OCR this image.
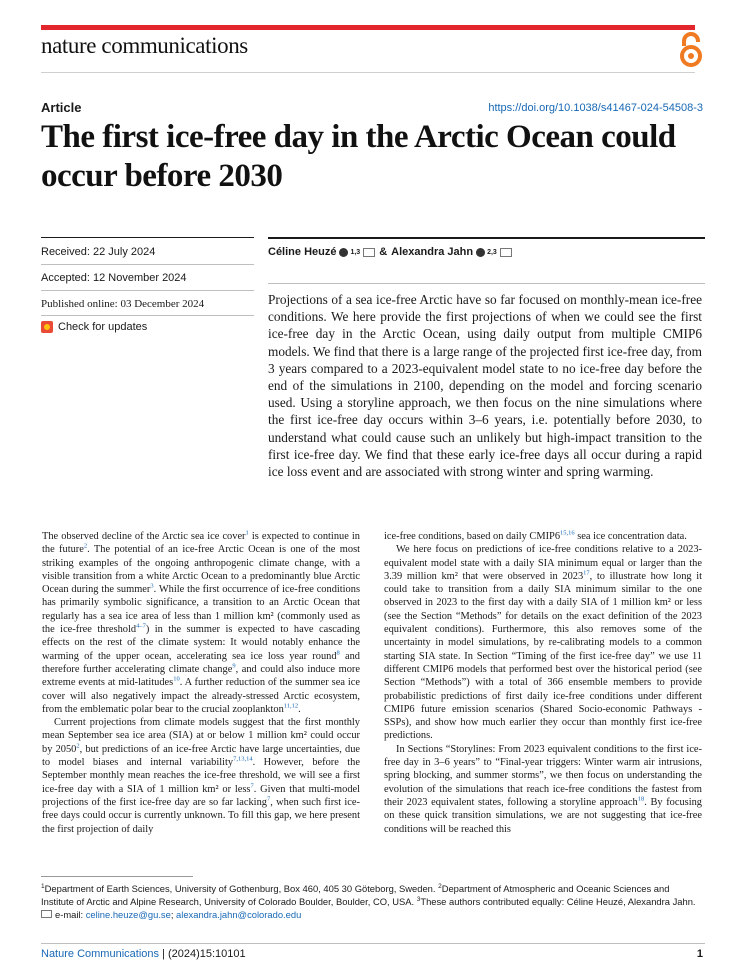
nature communications
Article	https://doi.org/10.1038/s41467-024-54508-3
The first ice-free day in the Arctic Ocean could occur before 2030
Received: 22 July 2024
Accepted: 12 November 2024
Published online: 03 December 2024
Check for updates
Céline Heuzé 1,3 & Alexandra Jahn 2,3

Projections of a sea ice-free Arctic have so far focused on monthly-mean ice-free conditions. We here provide the first projections of when we could see the first ice-free day in the Arctic Ocean, using daily output from multiple CMIP6 models. We find that there is a large range of the projected first ice-free day, from 3 years compared to a 2023-equivalent model state to no ice-free day before the end of the simulations in 2100, depending on the model and forcing scenario used. Using a storyline approach, we then focus on the nine simulations where the first ice-free day occurs within 3–6 years, i.e. potentially before 2030, to understand what could cause such an unlikely but high-impact transition to the first ice-free day. We find that these early ice-free days all occur during a rapid ice loss event and are associated with strong winter and spring warming.

The observed decline of the Arctic sea ice cover$^1$ is expected to continue in the future$^2$. The potential of an ice-free Arctic Ocean is one of the most striking examples of the ongoing anthropogenic climate change, with a visible transition from a white Arctic Ocean to a predominantly blue Arctic Ocean during the summer$^3$. While the first occurrence of ice-free conditions has primarily symbolic significance, a transition to an Arctic Ocean that regularly has a sea ice area of less than 1 million km² (commonly used as the ice-free threshold$^{4-7}$) in the summer is expected to have cascading effects on the rest of the climate system: It would notably enhance the warming of the upper ocean, accelerating sea ice loss year round$^8$ and therefore further accelerating climate change$^9$, and could also induce more extreme events at mid-latitudes$^{10}$. A further reduction of the summer sea ice cover will also negatively impact the already-stressed Arctic ecosystem, from the emblematic polar bear to the crucial zooplankton$^{11,12}$.

Current projections from climate models suggest that the first monthly mean September sea ice area (SIA) at or below 1 million km² could occur by 2050$^2$, but predictions of an ice-free Arctic have large uncertainties, due to model biases and internal variability$^{7,13,14}$. However, before the September monthly mean reaches the ice-free threshold, we will see a first ice-free day with a SIA of 1 million km² or less$^7$. Given that multi-model projections of the first ice-free day are so far lacking$^7$, when such first ice-free days could occur is currently unknown. To fill this gap, we here present the first projection of daily

ice-free conditions, based on daily CMIP6$^{15,16}$ sea ice concentration data.

We here focus on predictions of ice-free conditions relative to a 2023-equivalent model state with a daily SIA minimum equal or larger than the 3.39 million km² that were observed in 2023$^{17}$, to illustrate how long it could take to transition from a daily SIA minimum similar to the one observed in 2023 to the first day with a daily SIA of 1 million km² or less (see the Section “Methods” for details on the exact definition of the 2023 equivalent conditions). Furthermore, this also removes some of the uncertainty in model simulations, by re-calibrating models to a common starting SIA state. In Section “Timing of the first ice-free day” we use 11 different CMIP6 models that performed best over the historical period (see Section “Methods”) with a total of 366 ensemble members to provide probabilistic predictions of first daily ice-free conditions under different CMIP6 future emission scenarios (Shared Socio-economic Pathways - SSPs), and show how much earlier they occur than monthly first ice-free predictions.

In Sections “Storylines: From 2023 equivalent conditions to the first ice-free day in 3–6 years” to “Final-year triggers: Winter warm air intrusions, spring blocking, and summer storms”, we then focus on understanding the evolution of the simulations that reach ice-free conditions the fastest from their 2023 equivalent states, following a storyline approach$^{18}$. By focusing on these quick transition simulations, we are not suggesting that ice-free conditions will be reached this

$^1$Department of Earth Sciences, University of Gothenburg, Box 460, 405 30 Göteborg, Sweden. $^2$Department of Atmospheric and Oceanic Sciences and Institute of Arctic and Alpine Research, University of Colorado Boulder, Boulder, CO, USA. $^3$These authors contributed equally: Céline Heuzé, Alexandra Jahn.
e-mail: celine.heuze@gu.se; alexandra.jahn@colorado.edu
Nature Communications | (2024)15:10101	1
